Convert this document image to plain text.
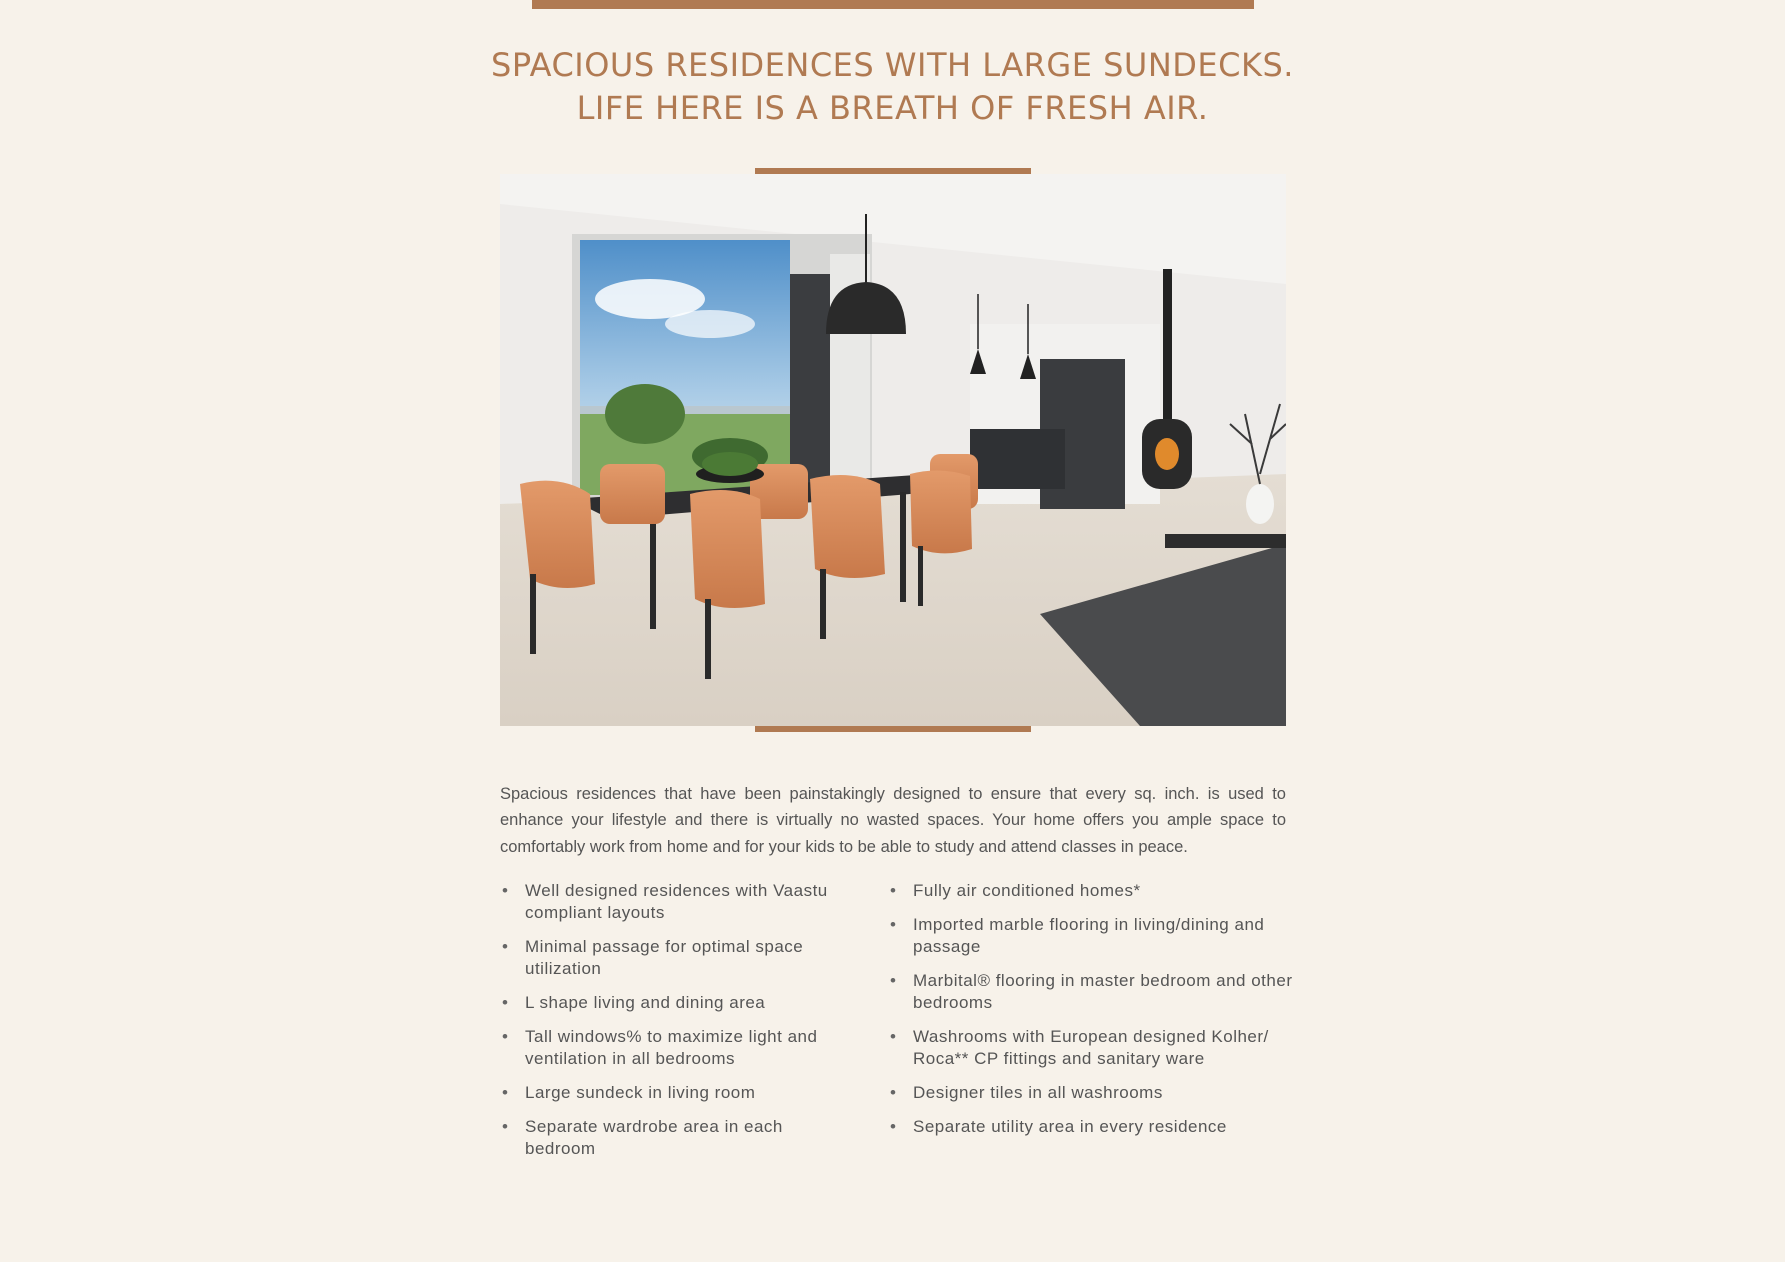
SPACIOUS RESIDENCES WITH LARGE SUNDECKS.
LIFE HERE IS A BREATH OF FRESH AIR.

Spacious residences that have been painstakingly designed to ensure that every sq. inch. is used to enhance your lifestyle and there is virtually no wasted spaces. Your home offers you ample space to comfortably work from home and for your kids to be able to study and attend classes in peace.

• Well designed residences with Vaastu compliant layouts
• Minimal passage for optimal space utilization
• L shape living and dining area
• Tall windows% to maximize light and ventilation in all bedrooms
• Large sundeck in living room
• Separate wardrobe area in each bedroom
• Fully air conditioned homes*
• Imported marble flooring in living/dining and passage
• Marbital® flooring in master bedroom and other bedrooms
• Washrooms with European designed Kolher/ Roca** CP fittings and sanitary ware
• Designer tiles in all washrooms
• Separate utility area in every residence
